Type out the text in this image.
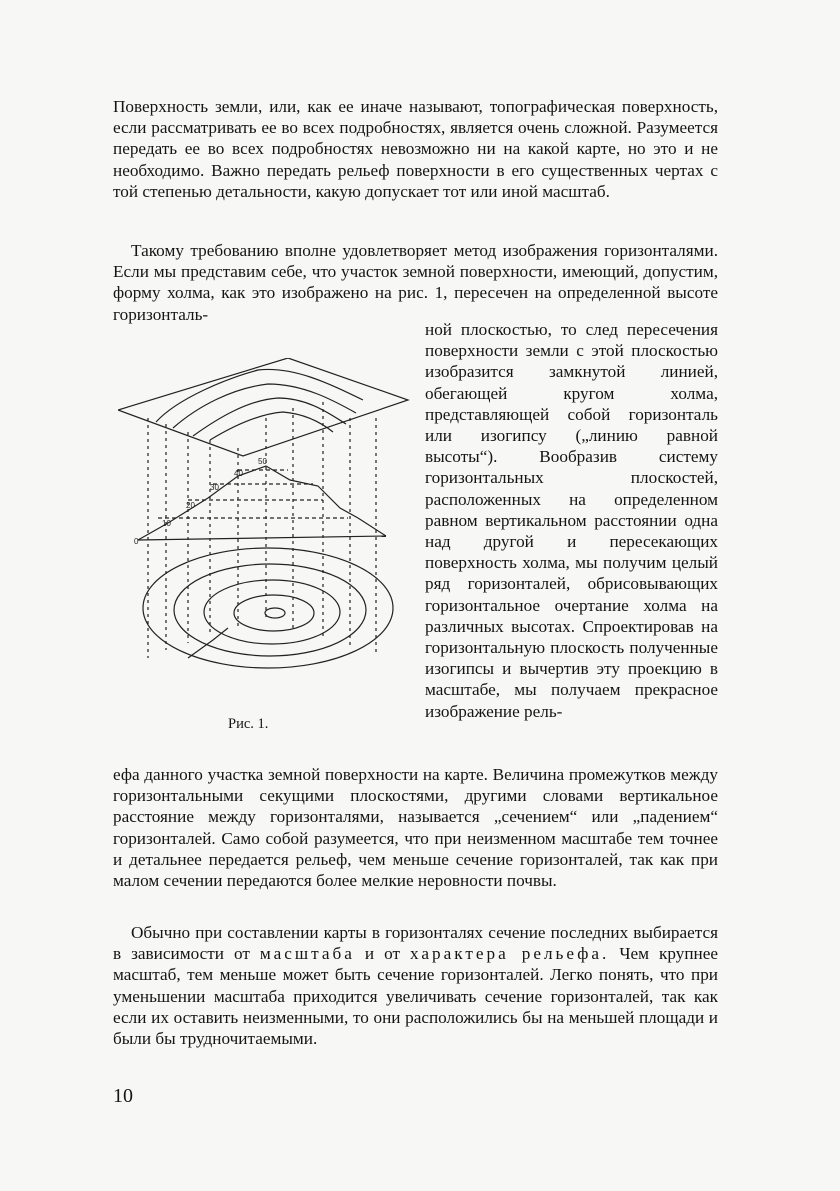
Поверхность земли, или, как ее иначе называют, топографическая поверхность, если рассматривать ее во всех подробностях, является очень сложной. Разумеется передать ее во всех подробностях невозможно ни на какой карте, но это и не необходимо. Важно передать рельеф поверхности в его существенных чертах с той степенью детальности, какую допускает тот или иной масштаб.

Такому требованию вполне удовлетворяет метод изображения горизонталями. Если мы представим себе, что участок земной поверхности, имеющий, допустим, форму холма, как это изображено на рис. 1, пересечен на определенной высоте горизонталь-

ной плоскостью, то след пересечения поверхности земли с этой плоскостью изобразится замкнутой линией, обегающей кругом холма, представляющей собой горизонталь или изогипсу („линию равной высоты“). Вообразив систему горизонтальных плоскостей, расположенных на определенном равном вертикальном расстоянии одна над другой и пересекающих поверхность холма, мы получим целый ряд горизонталей, обрисовывающих горизонтальное очертание холма на различных высотах. Спроектировав на горизонтальную плоскость полученные изогипсы и вычертив эту проекцию в масштабе, мы получаем прекрасное изображение рель-

0
10
20
30
40
50
Рис. 1.

ефа данного участка земной поверхности на карте. Величина промежутков между горизонтальными секущими плоскостями, другими словами вертикальное расстояние между горизонталями, называется „сечением“ или „падением“ горизонталей. Само собой разумеется, что при неизменном масштабе тем точнее и детальнее передается рельеф, чем меньше сечение горизонталей, так как при малом сечении передаются более мелкие неровности почвы.

Обычно при составлении карты в горизонталях сечение последних выбирается в зависимости от масштаба и от характера рельефа. Чем крупнее масштаб, тем меньше может быть сечение горизонталей. Легко понять, что при уменьшении масштаба приходится увеличивать сечение горизонталей, так как если их оставить неизменными, то они расположились бы на меньшей площади и были бы трудночитаемыми.

10
